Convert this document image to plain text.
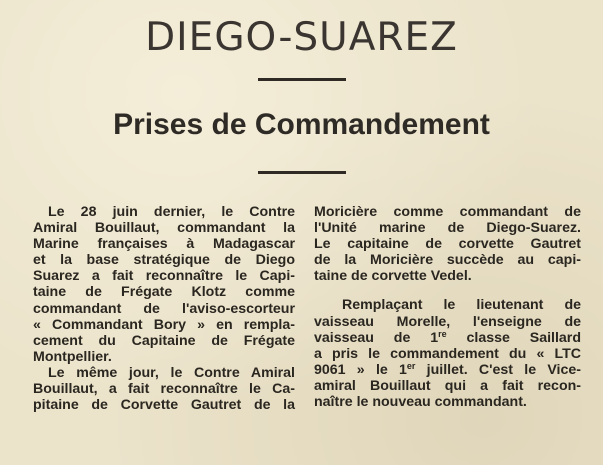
DIEGO-SUAREZ
Prises de Commandement
Le 28 juin dernier, le Contre
Amiral Bouillaut, commandant la
Marine françaises à Madagascar
et la base stratégique de Diego
Suarez a fait reconnaître le Capi-
taine de Frégate Klotz comme
commandant de l'aviso-escorteur
« Commandant Bory » en rempla-
cement du Capitaine de Frégate
Montpellier.
Le même jour, le Contre Amiral
Bouillaut, a fait reconnaître le Ca-
pitaine de Corvette Gautret de la
Moricière comme commandant de
l'Unité marine de Diego-Suarez.
Le capitaine de corvette Gautret
de la Moricière succède au capi-
taine de corvette Vedel.
Remplaçant le lieutenant de
vaisseau Morelle, l'enseigne de
vaisseau de 1re classe Saillard
a pris le commandement du « LTC
9061 » le 1er juillet. C'est le Vice-
amiral Bouillaut qui a fait recon-
naître le nouveau commandant.
